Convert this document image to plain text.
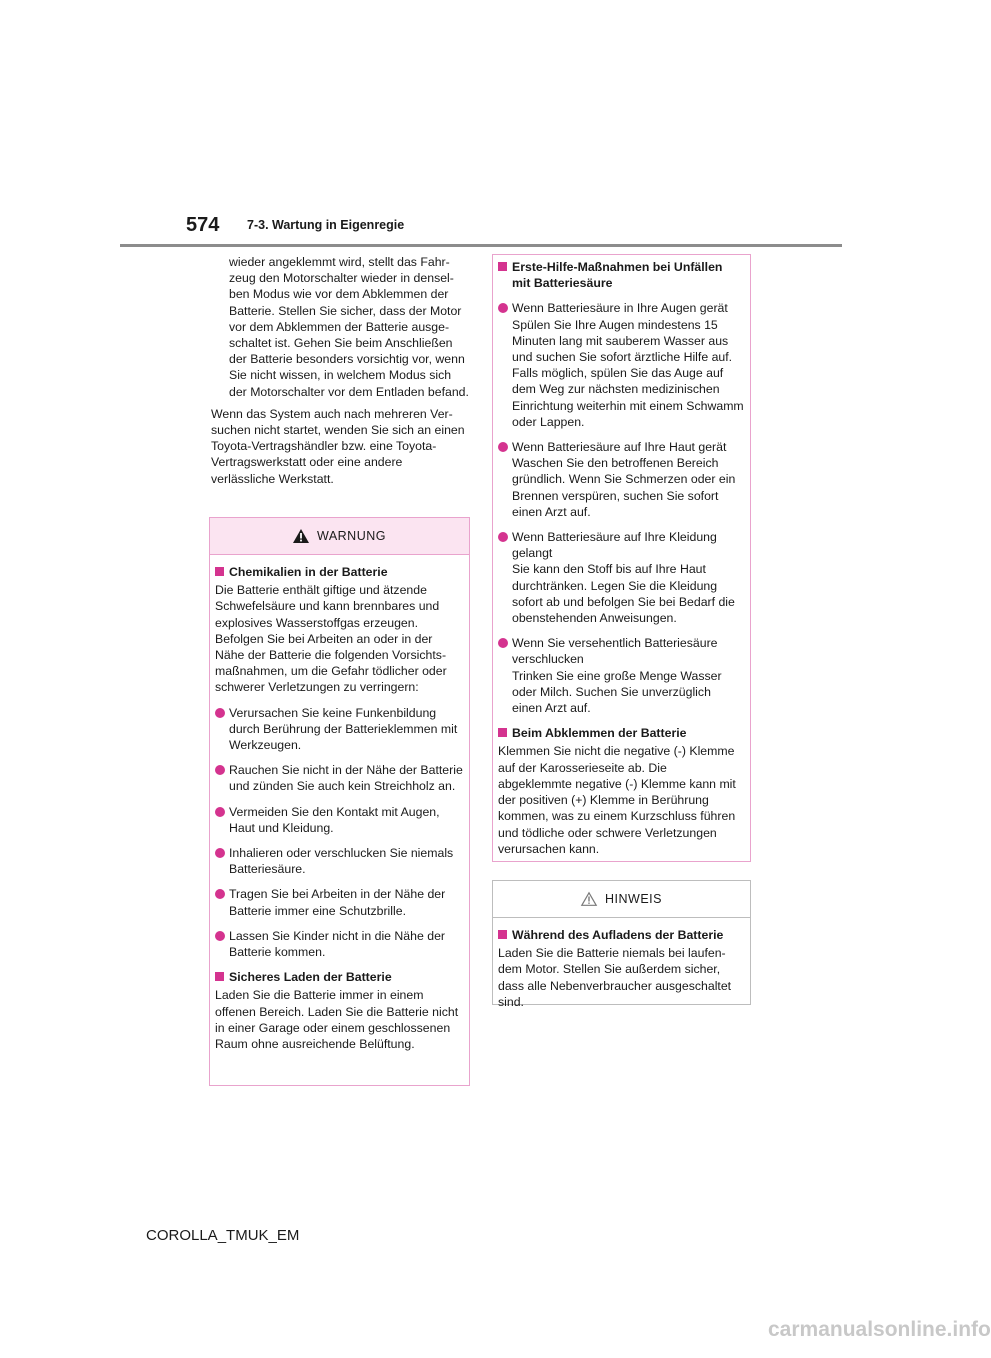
574 7-3. Wartung in Eigenregie
wieder angeklemmt wird, stellt das Fahrzeug den Motorschalter wieder in denselben Modus wie vor dem Abklemmen der Batterie. Stellen Sie sicher, dass der Motor vor dem Abklemmen der Batterie ausgeschaltet ist. Gehen Sie beim Anschließen der Batterie besonders vorsichtig vor, wenn Sie nicht wissen, in welchem Modus sich der Motorschalter vor dem Entladen befand.
Wenn das System auch nach mehreren Versuchen nicht startet, wenden Sie sich an einen Toyota-Vertragshändler bzw. eine Toyota-Vertragswerkstatt oder eine andere verlässliche Werkstatt.
WARNUNG
Chemikalien in der Batterie
Die Batterie enthält giftige und ätzende Schwefelsäure und kann brennbares und explosives Wasserstoffgas erzeugen. Befolgen Sie bei Arbeiten an oder in der Nähe der Batterie die folgenden Vorsichtsmaßnahmen, um die Gefahr tödlicher oder schwerer Verletzungen zu verringern:
Verursachen Sie keine Funkenbildung durch Berührung der Batterieklemmen mit Werkzeugen.
Rauchen Sie nicht in der Nähe der Batterie und zünden Sie auch kein Streichholz an.
Vermeiden Sie den Kontakt mit Augen, Haut und Kleidung.
Inhalieren oder verschlucken Sie niemals Batteriesäure.
Tragen Sie bei Arbeiten in der Nähe der Batterie immer eine Schutzbrille.
Lassen Sie Kinder nicht in die Nähe der Batterie kommen.
Sicheres Laden der Batterie
Laden Sie die Batterie immer in einem offenen Bereich. Laden Sie die Batterie nicht in einer Garage oder einem geschlossenen Raum ohne ausreichende Belüftung.
Erste-Hilfe-Maßnahmen bei Unfällen mit Batteriesäure
Wenn Batteriesäure in Ihre Augen gerät
Spülen Sie Ihre Augen mindestens 15 Minuten lang mit sauberem Wasser aus und suchen Sie sofort ärztliche Hilfe auf. Falls möglich, spülen Sie das Auge auf dem Weg zur nächsten medizinischen Einrichtung weiterhin mit einem Schwamm oder Lappen.
Wenn Batteriesäure auf Ihre Haut gerät
Waschen Sie den betroffenen Bereich gründlich. Wenn Sie Schmerzen oder ein Brennen verspüren, suchen Sie sofort einen Arzt auf.
Wenn Batteriesäure auf Ihre Kleidung gelangt
Sie kann den Stoff bis auf Ihre Haut durchtränken. Legen Sie die Kleidung sofort ab und befolgen Sie bei Bedarf die obenstehenden Anweisungen.
Wenn Sie versehentlich Batteriesäure verschlucken
Trinken Sie eine große Menge Wasser oder Milch. Suchen Sie unverzüglich einen Arzt auf.
Beim Abklemmen der Batterie
Klemmen Sie nicht die negative (-) Klemme auf der Karosserieseite ab. Die abgeklemmte negative (-) Klemme kann mit der positiven (+) Klemme in Berührung kommen, was zu einem Kurzschluss führen und tödliche oder schwere Verletzungen verursachen kann.
HINWEIS
Während des Aufladens der Batterie
Laden Sie die Batterie niemals bei laufendem Motor. Stellen Sie außerdem sicher, dass alle Nebenverbraucher ausgeschaltet sind.
COROLLA_TMUK_EM
carmanualsonline.info
